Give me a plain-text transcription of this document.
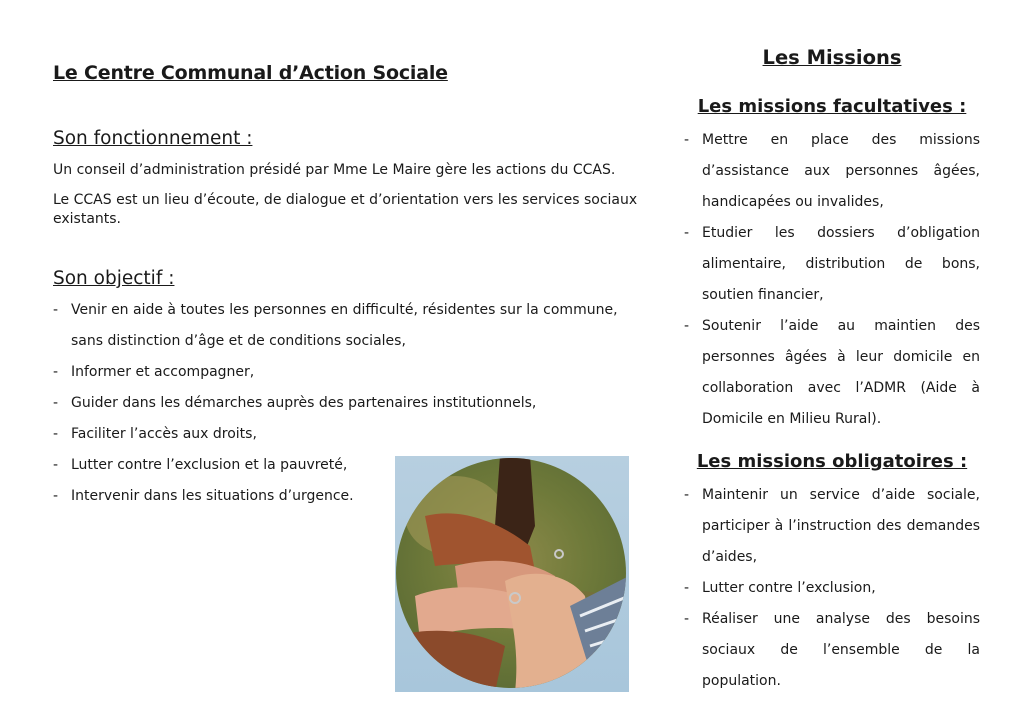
Le Centre Communal d’Action Sociale
Son fonctionnement :

Un conseil d’administration présidé par Mme Le Maire gère les actions du CCAS.

Le CCAS est un lieu d’écoute, de dialogue et d’orientation vers les services sociaux existants.

Son objectif :
- Venir en aide à toutes les personnes en difficulté, résidentes sur la commune, sans distinction d’âge et de conditions sociales,
- Informer et accompagner,
- Guider dans les démarches auprès des partenaires institutionnels,
- Faciliter l’accès aux droits,
- Lutter contre l’exclusion et la pauvreté,
- Intervenir dans les situations d’urgence.
Les Missions
Les missions facultatives :
- Mettre en place des missions d’assistance aux personnes âgées, handicapées ou invalides,
- Etudier les dossiers d’obligation alimentaire, distribution de bons, soutien financier,
- Soutenir l’aide au maintien des personnes âgées à leur domicile en collaboration avec l’ADMR (Aide à Domicile en Milieu Rural).
Les missions obligatoires :
- Maintenir un service d’aide sociale, participer à l’instruction des demandes d’aides,
- Lutter contre l’exclusion,
- Réaliser une analyse des besoins sociaux de l’ensemble de la population.
